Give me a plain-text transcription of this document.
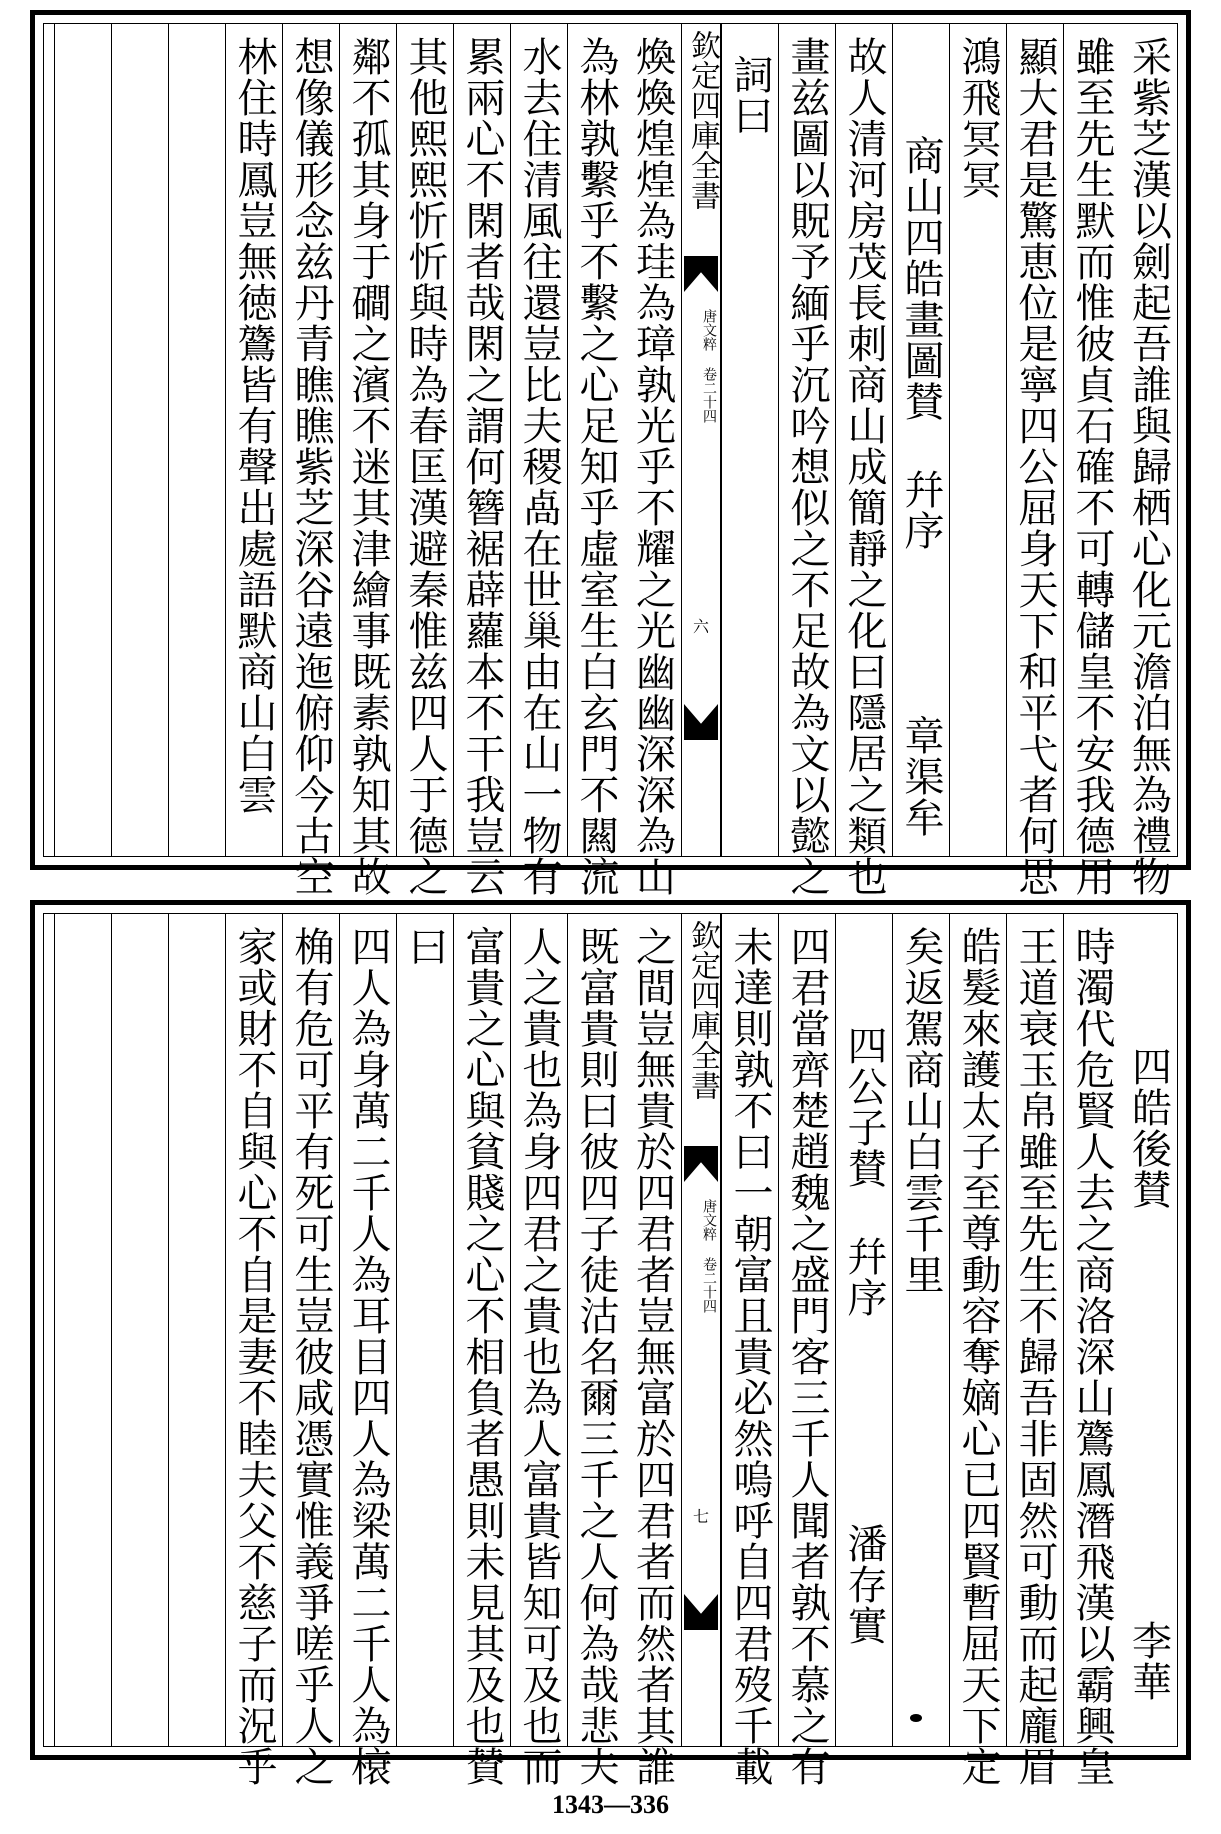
采紫芝漢以劍起吾誰與歸栖心化元澹泊無為禮物
雖至先生默而惟彼貞石確不可轉儲皇不安我德用
顯大君是驚恵位是寧四公屈身天下和平弋者何思
鴻飛冥冥
　商山四皓畫圖賛 幷序　　　　章渠牟
故人清河房茂長刺商山成簡靜之化曰隱居之類也
畫兹圖以貺予緬乎沉吟想似之不足故為文以懿之
詞曰
欽定四庫全書
唐文粹 卷二十四
六
煥煥煌煌為珪為璋孰光乎不耀之光幽幽深深為山
為林孰繫乎不繫之心足知乎虛室生白玄門不闗流
水去住清風往還豈比夫稷卨在世巢由在山一物有
累兩心不閑者哉閑之謂何簪裾薜蘿本不干我豈云
其他熙熙忻忻與時為春匡漢避秦惟兹四人于德之
鄰不孤其身于磵之濱不迷其津繪事既素孰知其故
想像儀形念兹丹青瞧瞧紫芝深谷遠迤俯仰今古空
林住時鳳豈無徳鷟皆有聲出處語默商山白雲
　　四皓後賛　　　　　　　　　　李華
時濁代危賢人去之商洛深山鷟鳳潛飛漢以霸興皇
王道衰玉帛雖至先生不歸吾非固然可動而起龐眉
皓髮來護太子至尊動容奪嫡心已四賢暫屈天下定
矣返駕商山白雲千里
　四公子賛 幷序　　　　　潘存實
四君當齊楚趙魏之盛門客三千人聞者孰不慕之有
未達則孰不曰一朝富且貴必然嗚呼自四君歿千載
欽定四庫全書
唐文粹 卷二十四
七
之間豈無貴於四君者豈無富於四君者而然者其誰
既富貴則曰彼四子徒沽名爾三千之人何為哉悲夫
人之貴也為身四君之貴也為人富貴皆知可及也而
富貴之心與貧賤之心不相負者愚則未見其及也賛
曰
四人為身萬二千人為耳目四人為梁萬二千人為榱
桷有危可平有死可生豈彼咸憑實惟義爭嗟乎人之
家或財不自與心不自是妻不睦夫父不慈子而況乎
1343—336
